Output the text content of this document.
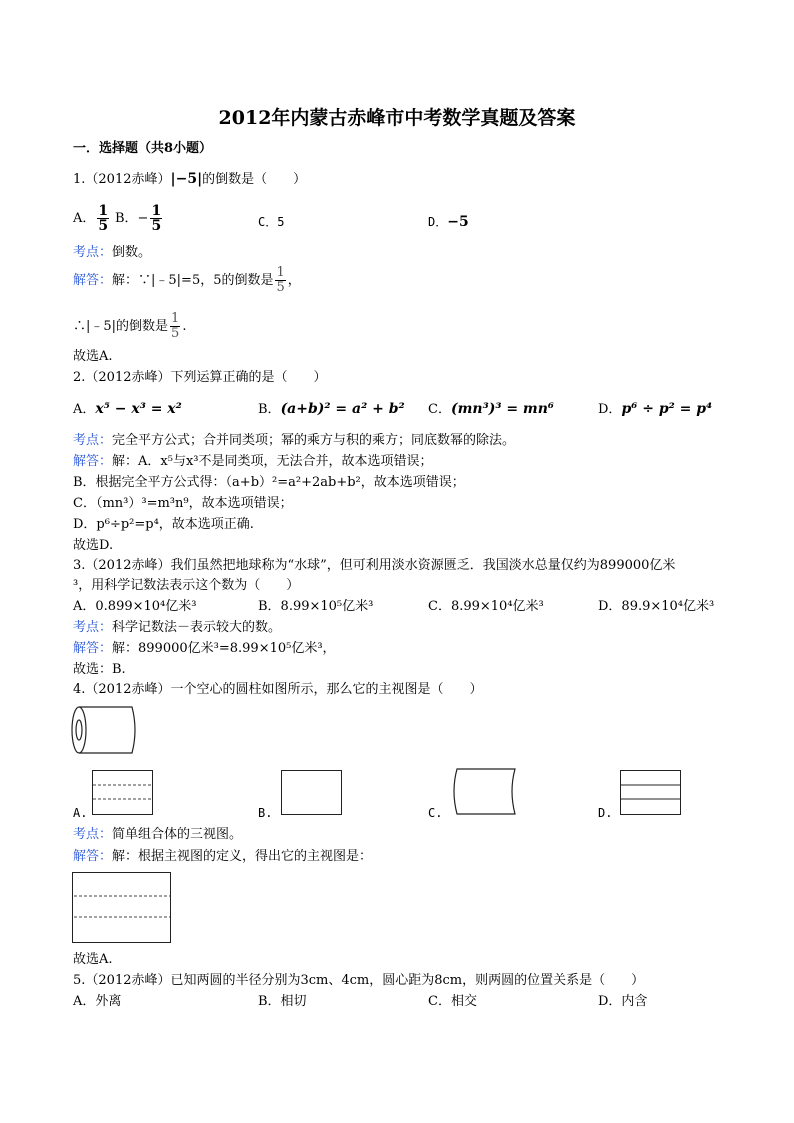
2012年内蒙古赤峰市中考数学真题及答案
一．选择题（共8小题）
1.（2012赤峰）|−5|的倒数是（　　）
A． $\frac{1}{5}$ B．− $\frac{1}{5}$	C．5	D．−5
考点：倒数。
解答：解：∵|﹣5|=5，5的倒数是 $\frac{1}{5}$ ，
∴|﹣5|的倒数是 $\frac{1}{5}$ .
故选A.
2.（2012赤峰）下列运算正确的是（　　）
A．x⁵ − x³ = x²	B．(a+b)² = a² + b² C．(mn³)³ = mn⁶	D．p⁶ ÷ p² = p⁴
考点：完全平方公式；合并同类项；幂的乘方与积的乘方；同底数幂的除法。
解答：解：A．x⁵与x³不是同类项，无法合并，故本选项错误；
B．根据完全平方公式得：（a+b）²=a²+2ab+b²，故本选项错误；
C．（mn³）³=m³n⁹，故本选项错误；
D．p⁶÷p²=p⁴，故本选项正确.
故选D.
3.（2012赤峰）我们虽然把地球称为“水球”，但可利用淡水资源匮乏．我国淡水总量仅约为899000亿米
³，用科学记数法表示这个数为（　　）
A．0.899×10⁴亿米³	B．8.99×10⁵亿米³	C．8.99×10⁴亿米³	D．89.9×10⁴亿米³
考点：科学记数法－表示较大的数。
解答：解：899000亿米³=8.99×10⁵亿米³，
故选：B.
4.（2012赤峰）一个空心的圆柱如图所示，那么它的主视图是（　　）
A.	B.	C.	D.
考点：简单组合体的三视图。
解答：解：根据主视图的定义，得出它的主视图是：
故选A.
5.（2012赤峰）已知两圆的半径分别为3cm、4cm，圆心距为8cm，则两圆的位置关系是（　　）
A．外离	B．相切	C．相交	D．内含
